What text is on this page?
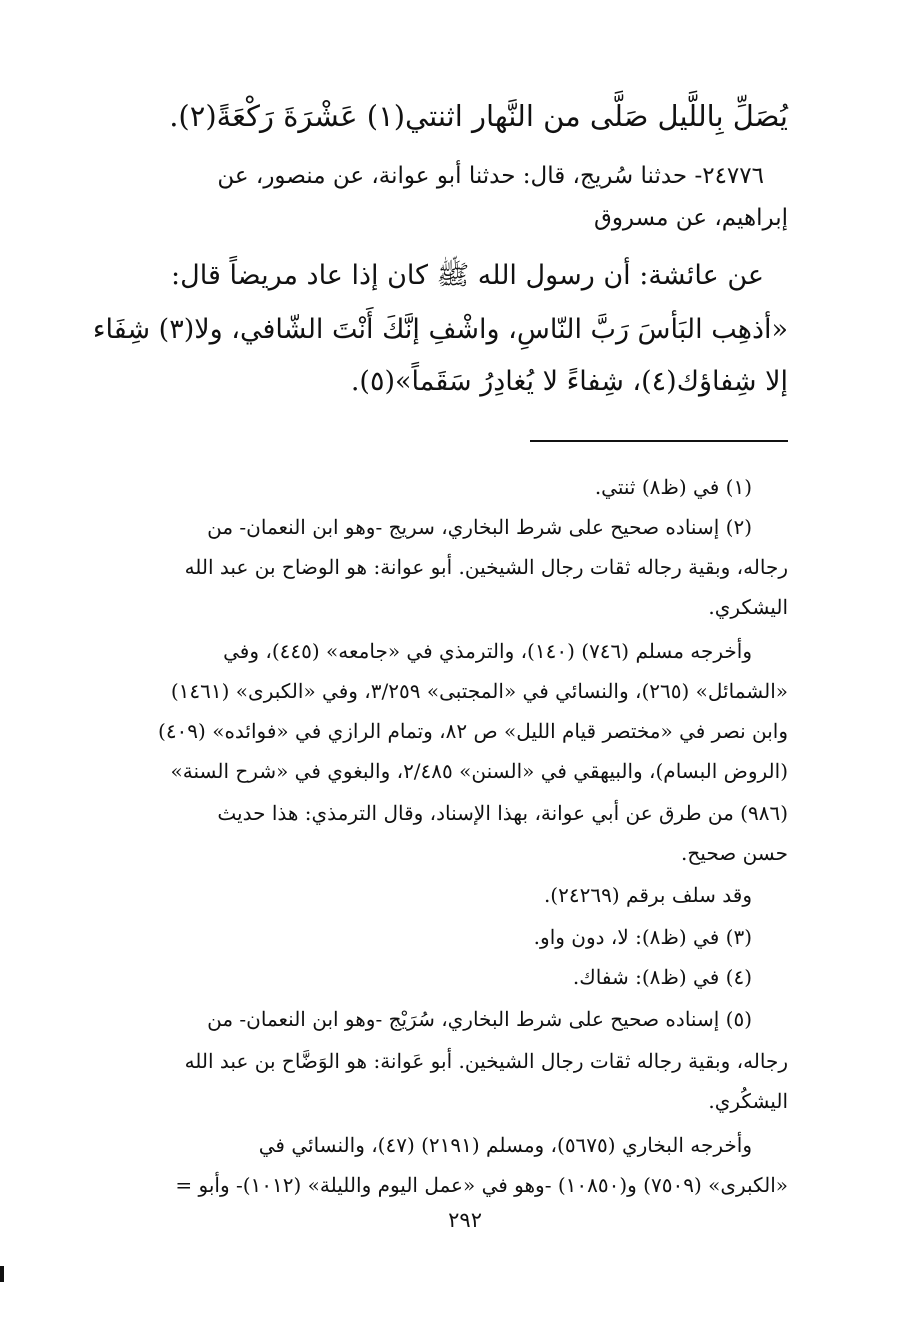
يُصَلِّ بِاللَّيل صَلَّى من النَّهار اثنتي(١) عَشْرَةَ رَكْعَةً(٢).
٢٤٧٧٦- حدثنا سُريج، قال: حدثنا أبو عوانة، عن منصور، عن
إبراهيم، عن مسروق
عن عائشة: أن رسول الله ﷺ كان إذا عاد مريضاً قال:
«أذهِب البَأسَ رَبَّ النّاسِ، واشْفِ إنَّكَ أَنْتَ الشّافي، ولا(٣) شِفَاء
إلا شِفاؤك(٤)، شِفاءً لا يُغادِرُ سَقَماً»(٥).
(١) في (ظ٨) ثنتي.
(٢) إسناده صحيح على شرط البخاري، سريج -وهو ابن النعمان- من
رجاله، وبقية رجاله ثقات رجال الشيخين. أبو عوانة: هو الوضاح بن عبد الله
اليشكري.
وأخرجه مسلم (٧٤٦) (١٤٠)، والترمذي في «جامعه» (٤٤٥)، وفي
«الشمائل» (٢٦٥)، والنسائي في «المجتبى» ٣/٢٥٩، وفي «الكبرى» (١٤٦١)
وابن نصر في «مختصر قيام الليل» ص ٨٢، وتمام الرازي في «فوائده» (٤٠٩)
(الروض البسام)، والبيهقي في «السنن» ٢/٤٨٥، والبغوي في «شرح السنة»
(٩٨٦) من طرق عن أبي عوانة، بهذا الإسناد، وقال الترمذي: هذا حديث
حسن صحيح.
وقد سلف برقم (٢٤٢٦٩).
(٣) في (ظ٨): لا، دون واو.
(٤) في (ظ٨): شفاك.
(٥) إسناده صحيح على شرط البخاري، سُرَيْج -وهو ابن النعمان- من
رجاله، وبقية رجاله ثقات رجال الشيخين. أبو عَوانة: هو الوَضَّاح بن عبد الله
اليشكُري.
وأخرجه البخاري (٥٦٧٥)، ومسلم (٢١٩١) (٤٧)، والنسائي في
«الكبرى» (٧٥٠٩) و(١٠٨٥٠) -وهو في «عمل اليوم والليلة» (١٠١٢)- وأبو =
٢٩٢
